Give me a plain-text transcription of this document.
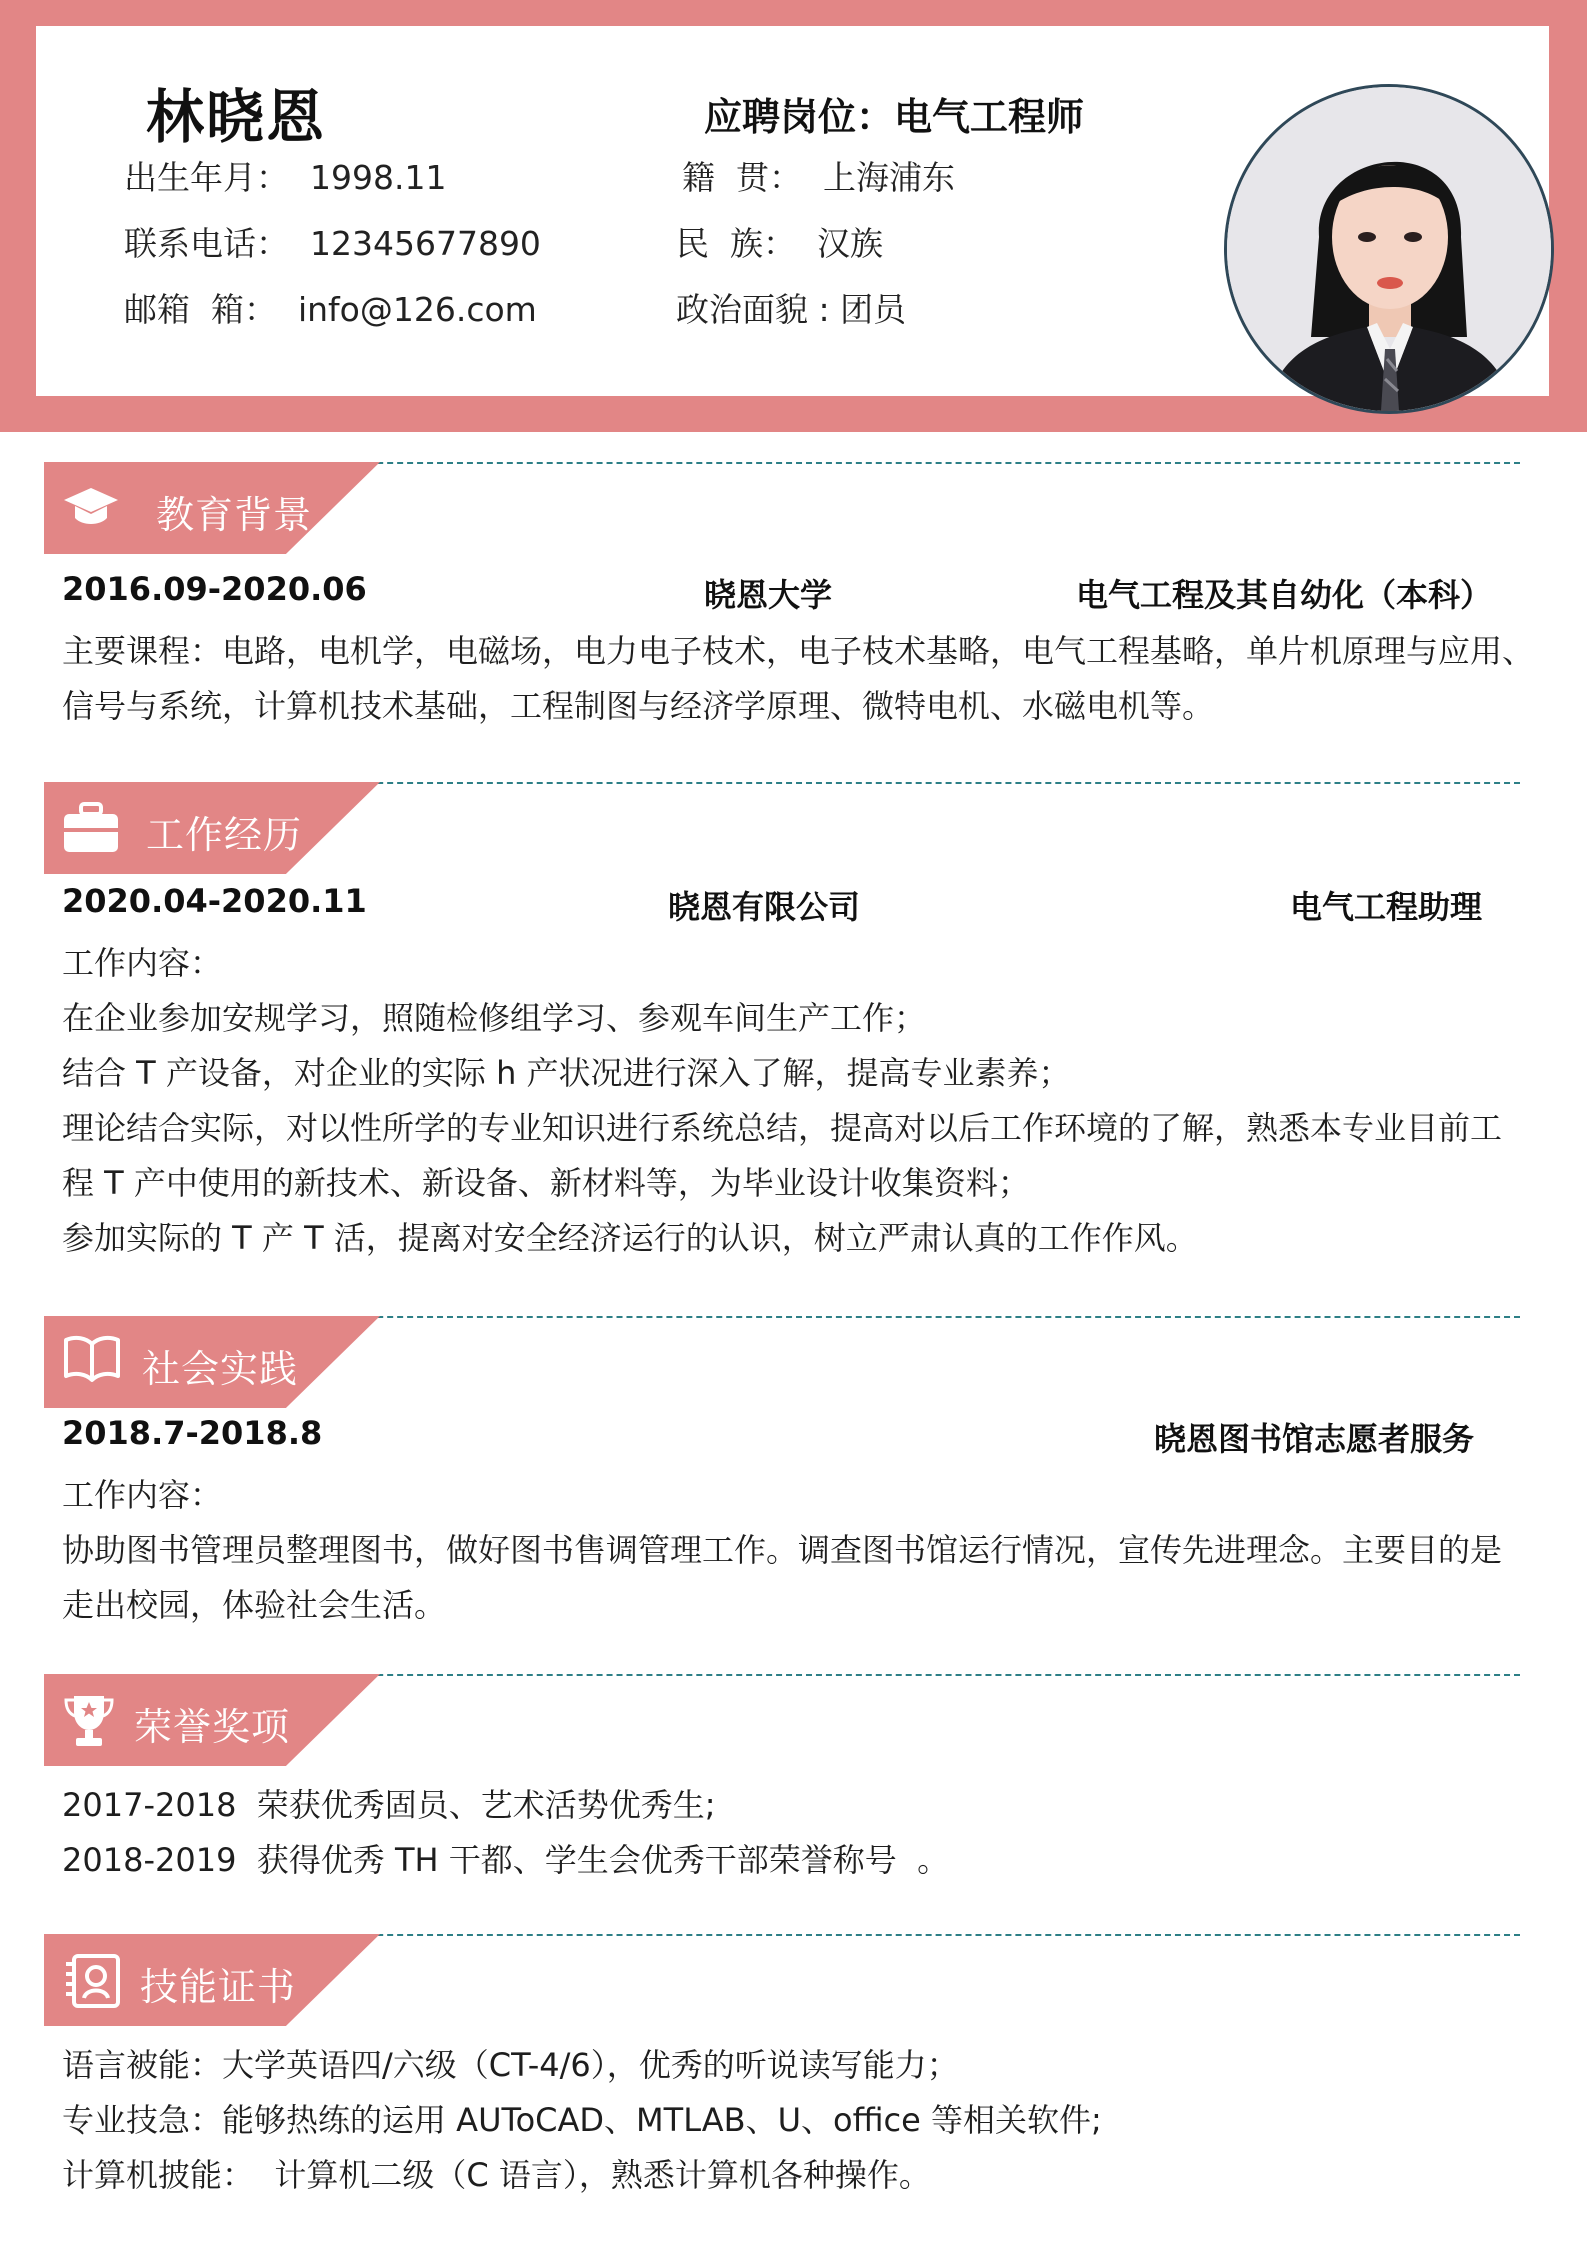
林晓恩	应聘岗位：电气工程师
出生年月：  1998.11	籍  贯：  上海浦东
联系电话：  12345677890	民  族：  汉族
邮箱  箱：  info@126.com	政治面貌 : 团员
教育背景
2016.09-2020.06	晓恩大学	电气工程及其自幼化（本科）
主要课程：电路，电机学，电磁场，电力电子枝术，电子枝术基略，电气工程基略，单片机原理与应用、
信号与系统，计算机技术基础，工程制图与经济学原理、微特电机、水磁电机等。
工作经历
2020.04-2020.11	晓恩有限公司	电气工程助理
工作内容：
在企业参加安规学习，照随检修组学习、参观车间生产工作；
结合 T 产设备，对企业的实际 h 产状况进行深入了解，提高专业素养；
理论结合实际，对以性所学的专业知识进行系统总结，提高对以后工作环境的了解，熟悉本专业目前工
程 T 产中使用的新技术、新设备、新材料等，为毕业设计收集资料；
参加实际的 T 产 T 活，提离对安全经济运行的认识，树立严肃认真的工作作风。
社会实践
2018.7-2018.8	晓恩图书馆志愿者服务
工作内容：
协助图书管理员整理图书，做好图书售调管理工作。调查图书馆运行情况，宣传先进理念。主要目的是
走出校园，体验社会生活。
荣誉奖项
2017-2018  荣获优秀固员、艺术活势优秀生;
2018-2019  获得优秀 TH 干都、学生会优秀干部荣誉称号  。
技能证书
语言被能：大学英语四/六级（CT-4/6），优秀的听说读写能力；
专业技急：能够热练的运用 AUToCAD、MTLAB、U、office 等相关软件;
计算机披能：  计算机二级（C 语言），熟悉计算机各种操作。
